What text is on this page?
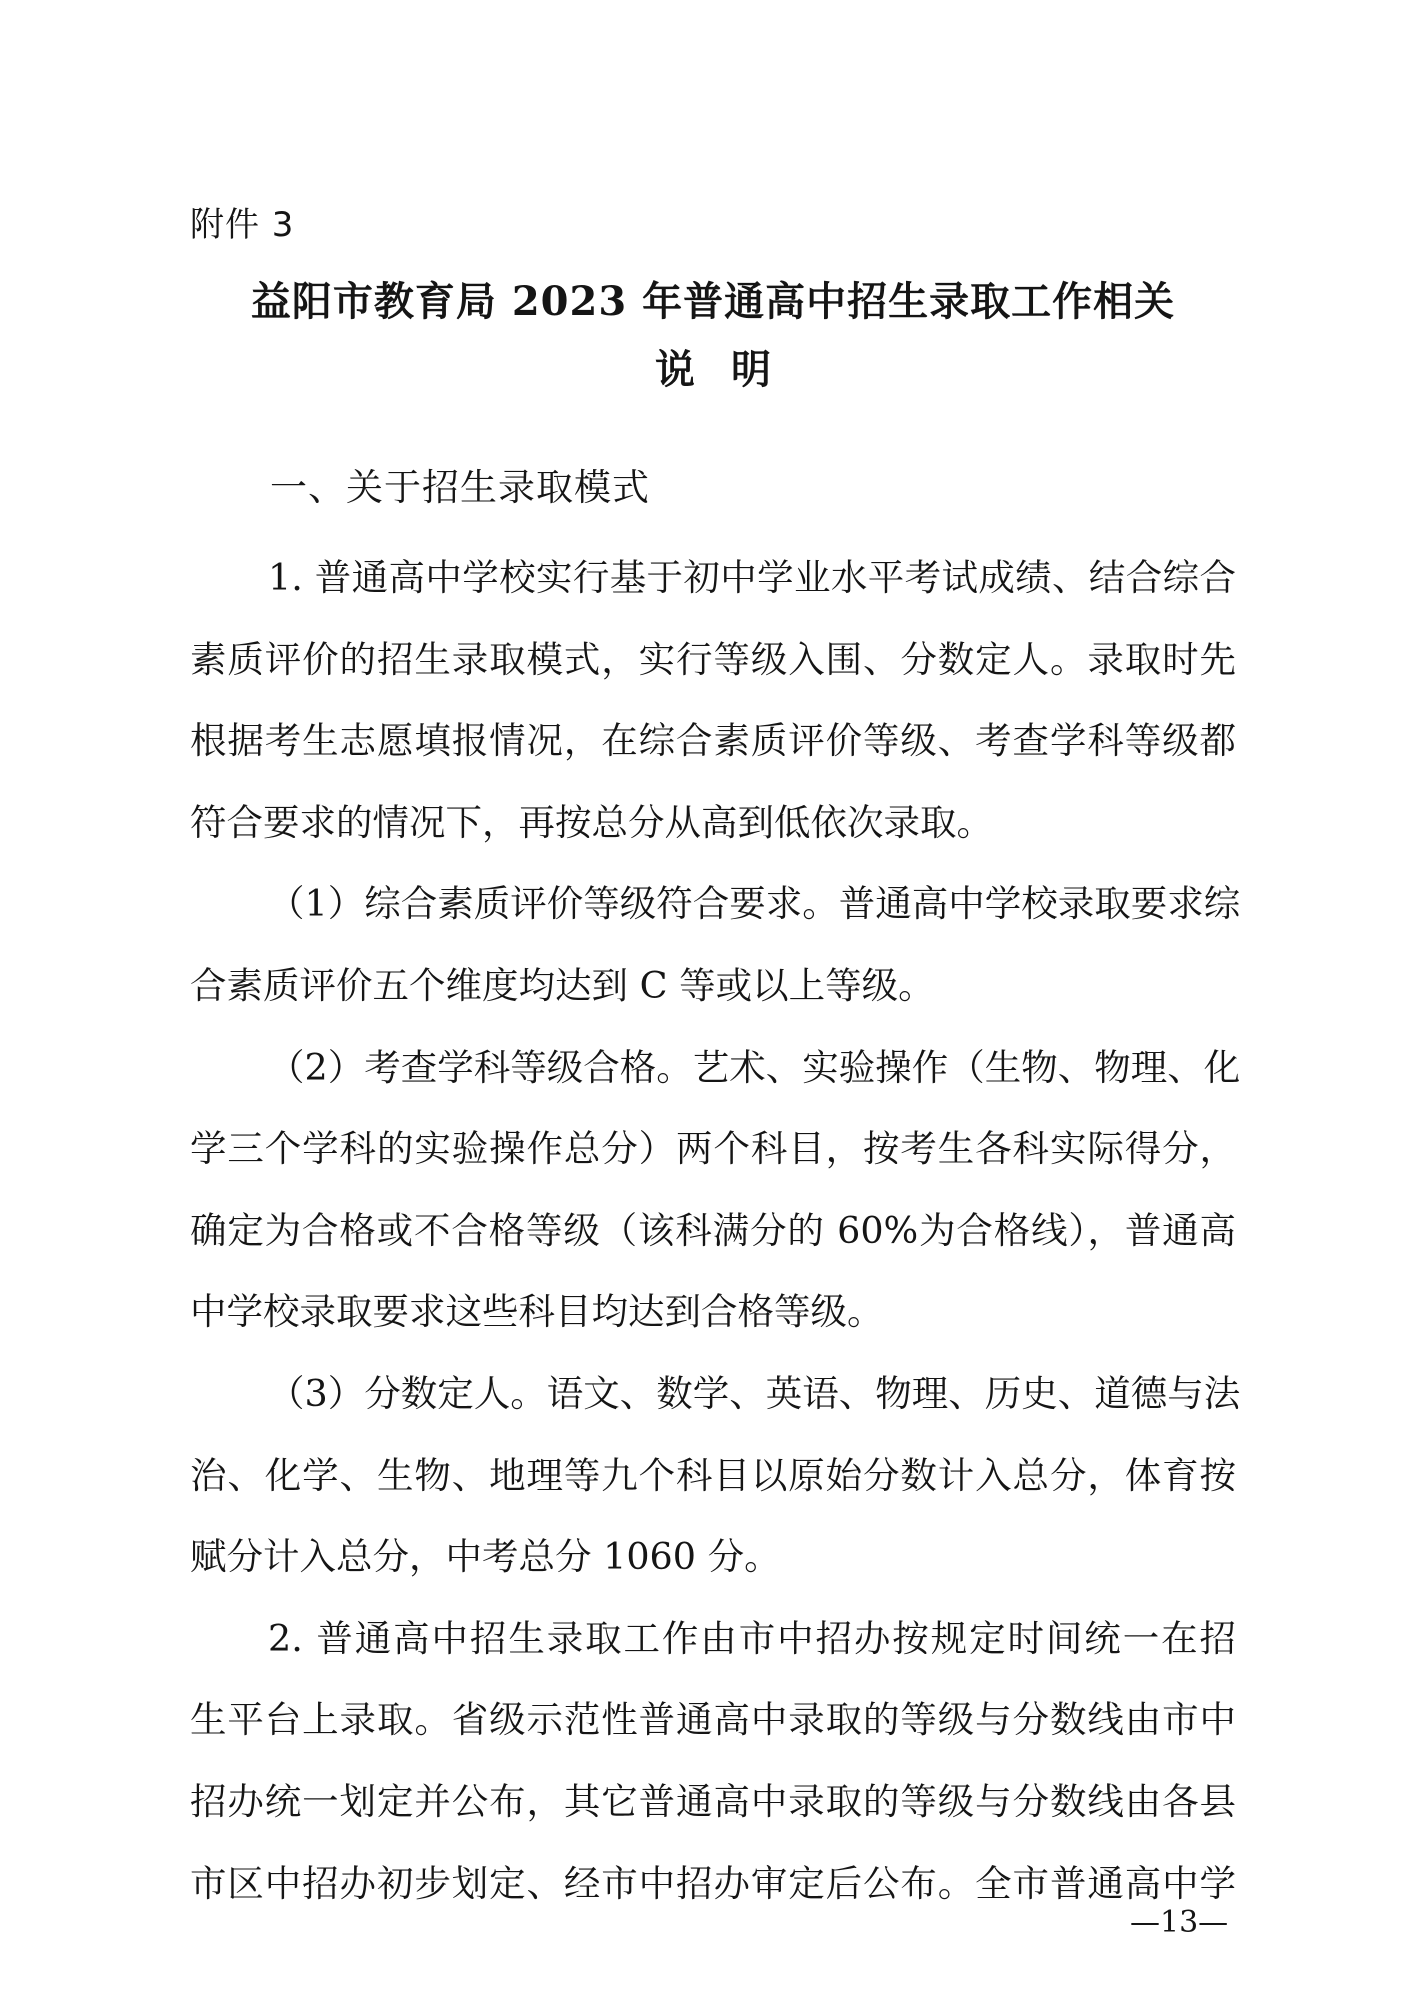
附件 3
益阳市教育局 2023 年普通高中招生录取工作相关
说明
一、关于招生录取模式
1. 普通高中学校实行基于初中学业水平考试成绩、结合综合
素质评价的招生录取模式，实行等级入围、分数定人。录取时先
根据考生志愿填报情况，在综合素质评价等级、考查学科等级都
符合要求的情况下，再按总分从高到低依次录取。
（1）综合素质评价等级符合要求。普通高中学校录取要求综
合素质评价五个维度均达到 C 等或以上等级。
（2）考查学科等级合格。艺术、实验操作（生物、物理、化
学三个学科的实验操作总分）两个科目，按考生各科实际得分，
确定为合格或不合格等级（该科满分的 60%为合格线），普通高
中学校录取要求这些科目均达到合格等级。
（3）分数定人。语文、数学、英语、物理、历史、道德与法
治、化学、生物、地理等九个科目以原始分数计入总分，体育按
赋分计入总分，中考总分 1060 分。
2. 普通高中招生录取工作由市中招办按规定时间统一在招
生平台上录取。省级示范性普通高中录取的等级与分数线由市中
招办统一划定并公布，其它普通高中录取的等级与分数线由各县
市区中招办初步划定、经市中招办审定后公布。全市普通高中学
—13—
